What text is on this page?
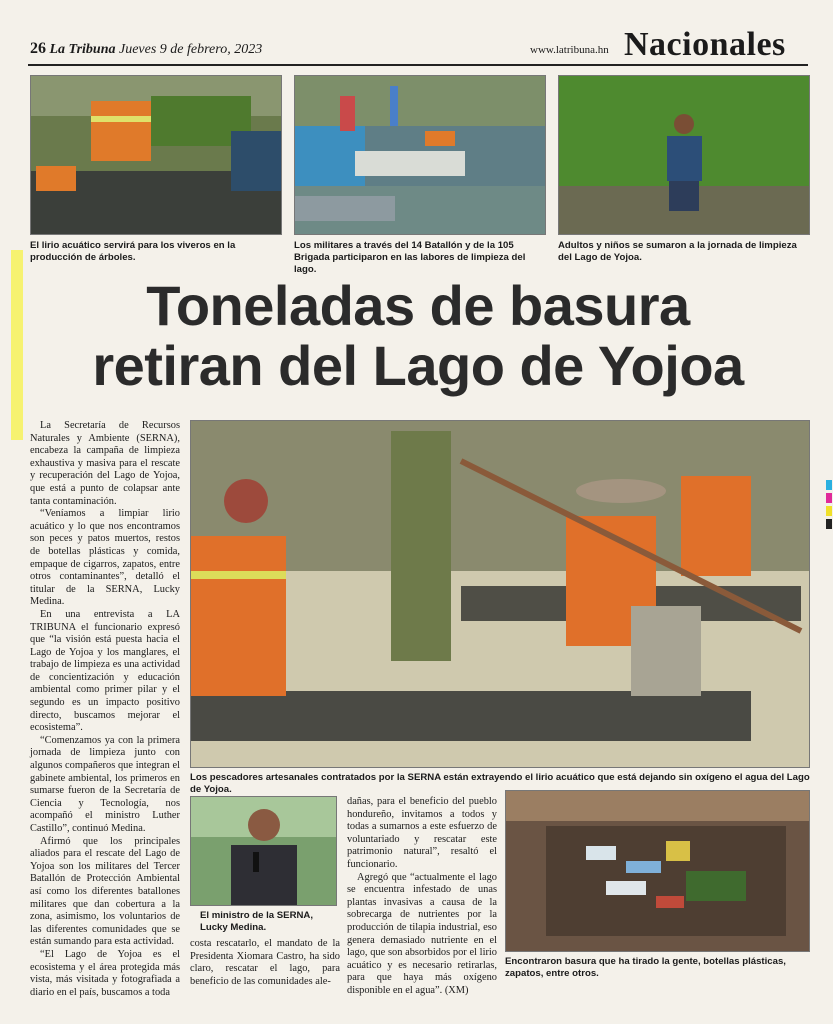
26 La Tribuna Jueves 9 de febrero, 2023	www.latribuna.hn Nacionales
El lirio acuático servirá para los viveros en la producción de árboles.
Los militares a través del 14 Batallón y de la 105 Brigada participaron en las labores de limpieza del lago.
Adultos y niños se sumaron a la jornada de limpieza del Lago de Yojoa.
Toneladas de basura
retiran del Lago de Yojoa

La Secretaría de Recursos Naturales y Ambiente (SERNA), encabeza la campaña de limpieza exhaustiva y masiva para el rescate y recuperación del Lago de Yojoa, que está a punto de colapsar ante tanta contaminación.

“Veníamos a limpiar lirio acuático y lo que nos encontramos son peces y patos muertos, restos de botellas plásticas y comida, empaque de cigarros, zapatos, entre otros contaminantes”, detalló el titular de la SERNA, Lucky Medina.

En una entrevista a LA TRIBUNA el funcionario expresó que “la visión está puesta hacia el Lago de Yojoa y los manglares, el trabajo de limpieza es una actividad de concientización y educación ambiental como primer pilar y el segundo es un impacto positivo directo, buscamos mejorar el ecosistema”.

“Comenzamos ya con la primera jornada de limpieza junto con algunos compañeros que integran el gabinete ambiental, los primeros en sumarse fueron de la Secretaría de Ciencia y Tecnología, nos acompañó el ministro Luther Castillo”, continuó Medina.

Afirmó que los principales aliados para el rescate del Lago de Yojoa son los militares del Tercer Batallón de Protección Ambiental así como los diferentes batallones militares que dan cobertura a la zona, asimismo, los voluntarios de las diferentes comunidades que se están sumando para esta actividad.

“El Lago de Yojoa es el ecosistema y el área protegida más vista, más visitada y fotografiada a diario en el país, buscamos a toda

Los pescadores artesanales contratados por la SERNA están extrayendo el lirio acuático que está dejando sin oxígeno el agua del Lago de Yojoa.
El ministro de la SERNA, Lucky Medina.

costa rescatarlo, el mandato de la Presidenta Xiomara Castro, ha sido claro, rescatar el lago, para beneficio de las comunidades ale-

dañas, para el beneficio del pueblo hondureño, invitamos a todos y todas a sumarnos a este esfuerzo de voluntariado y rescatar este patrimonio natural”, resaltó el funcionario.

Agregó que “actualmente el lago se encuentra infestado de unas plantas invasivas a causa de la sobrecarga de nutrientes por la producción de tilapia industrial, eso genera demasiado nutriente en el lago, que son absorbidos por el lirio acuático y es necesario retirarlas, para que haya más oxígeno disponible en el agua”. (XM)

Encontraron basura que ha tirado la gente, botellas plásticas, zapatos, entre otros.
